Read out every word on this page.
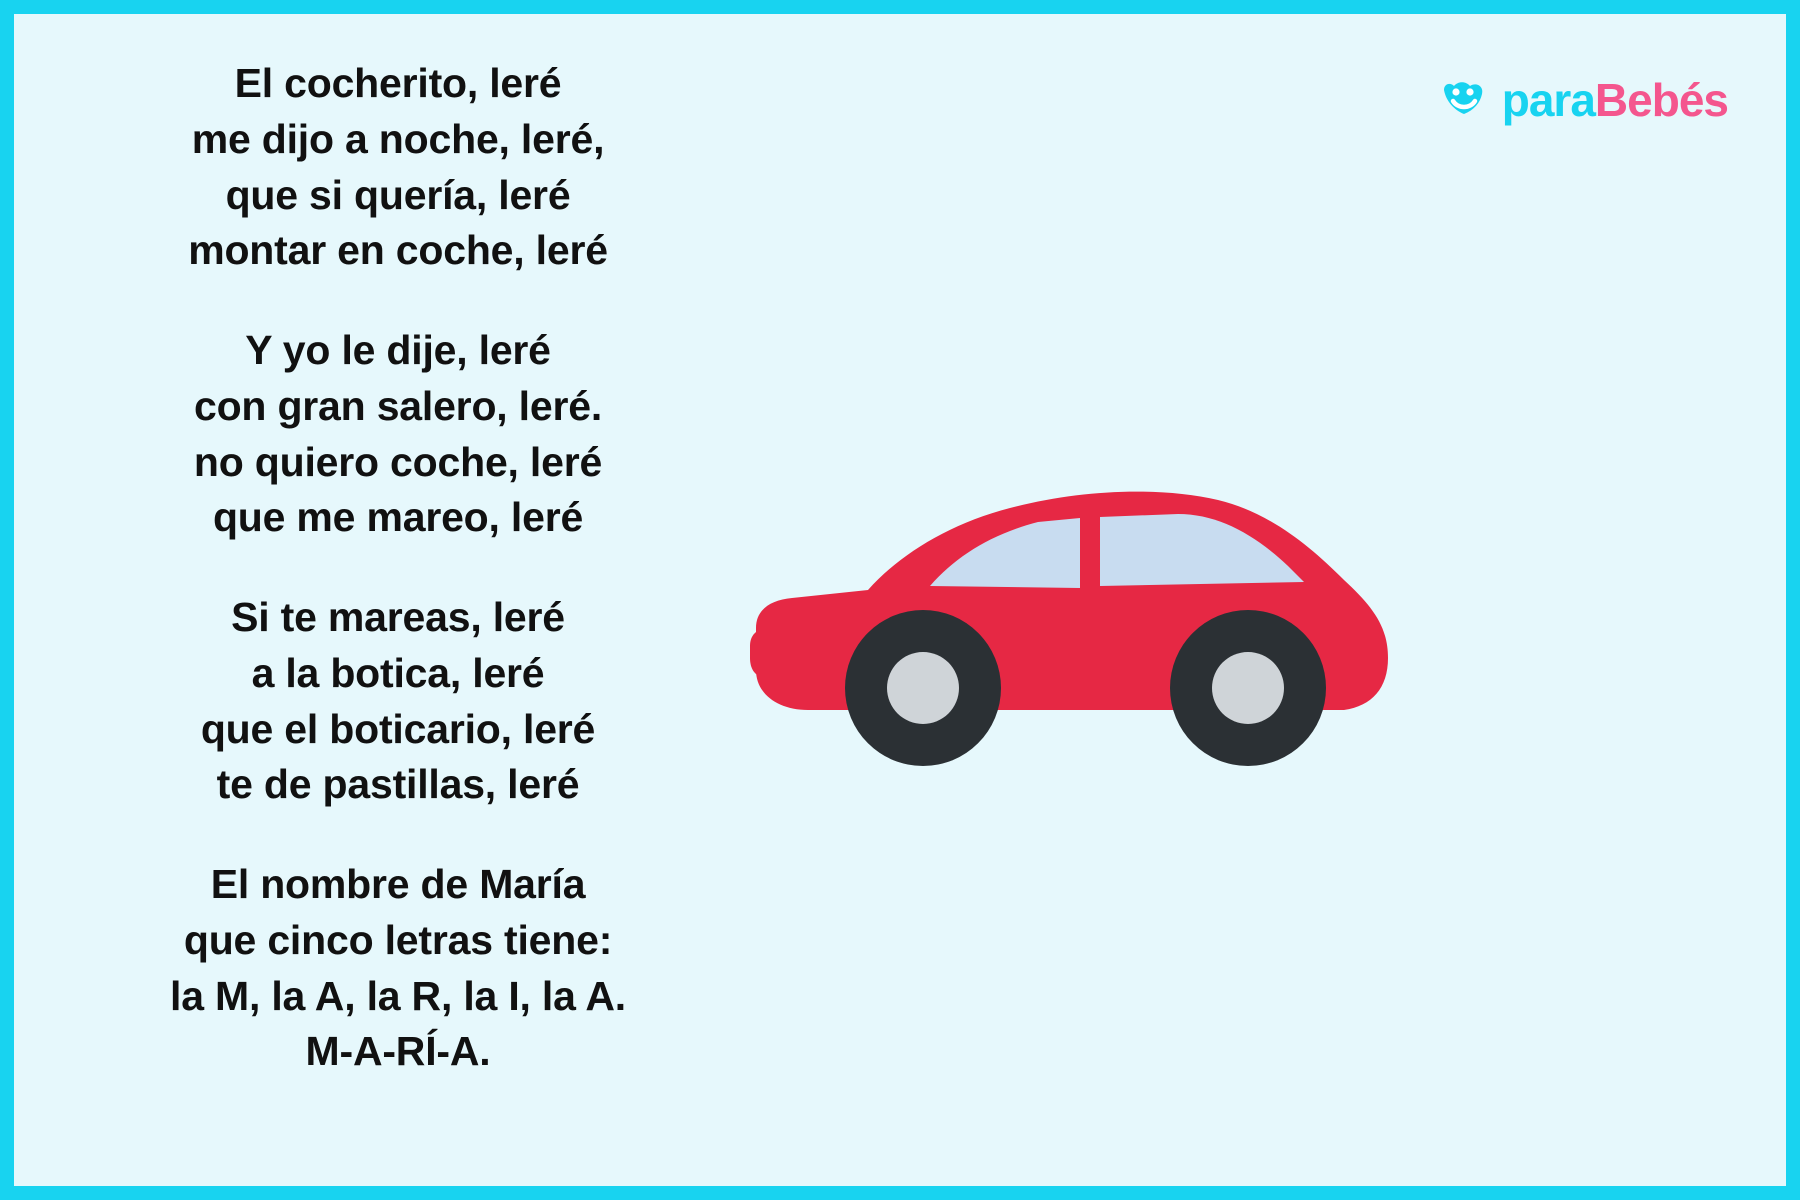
El cocherito, leré
me dijo a noche, leré,
que si quería, leré
montar en coche, leré

Y yo le dije, leré
con gran salero, leré.
no quiero coche, leré
que me mareo, leré

Si te mareas, leré
a la botica, leré
que el boticario, leré
te de pastillas, leré

El nombre de María
que cinco letras tiene:
la M, la A, la R, la I, la A.
M-A-RÍ-A.

paraBebés
